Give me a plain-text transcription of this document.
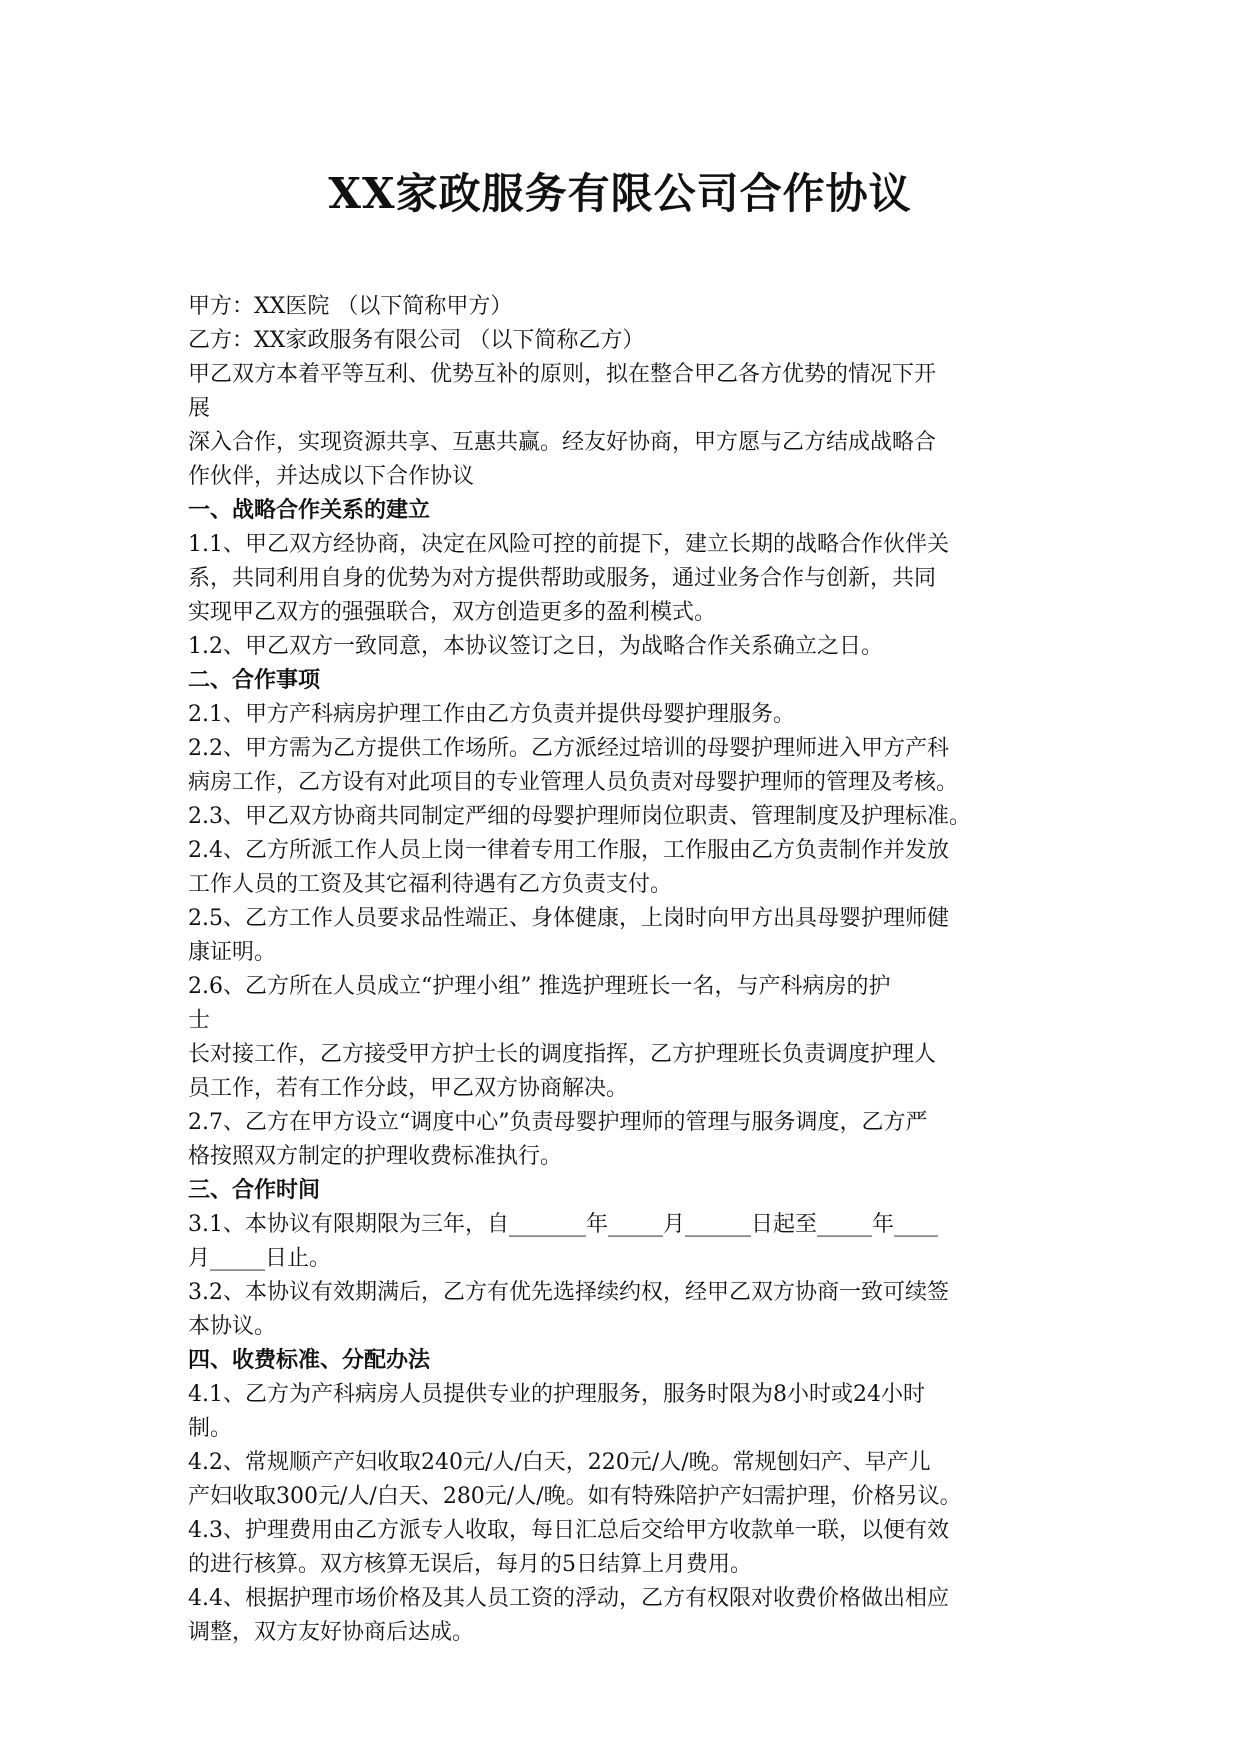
XX家政服务有限公司合作协议
甲方：XX医院 （以下简称甲方）
乙方：XX家政服务有限公司 （以下简称乙方）
甲乙双方本着平等互利、优势互补的原则，拟在整合甲乙各方优势的情况下开
展
深入合作，实现资源共享、互惠共赢。经友好协商，甲方愿与乙方结成战略合
作伙伴，并达成以下合作协议
一、战略合作关系的建立
1.1、甲乙双方经协商，决定在风险可控的前提下，建立长期的战略合作伙伴关
系，共同利用自身的优势为对方提供帮助或服务，通过业务合作与创新，共同
实现甲乙双方的强强联合，双方创造更多的盈利模式。
1.2、甲乙双方一致同意，本协议签订之日，为战略合作关系确立之日。
二、合作事项
2.1、甲方产科病房护理工作由乙方负责并提供母婴护理服务。
2.2、甲方需为乙方提供工作场所。乙方派经过培训的母婴护理师进入甲方产科
病房工作，乙方设有对此项目的专业管理人员负责对母婴护理师的管理及考核。
2.3、甲乙双方协商共同制定严细的母婴护理师岗位职责、管理制度及护理标准。
2.4、乙方所派工作人员上岗一律着专用工作服，工作服由乙方负责制作并发放
工作人员的工资及其它福利待遇有乙方负责支付。
2.5、乙方工作人员要求品性端正、身体健康，上岗时向甲方出具母婴护理师健
康证明。
2.6、乙方所在人员成立“护理小组” 推选护理班长一名，与产科病房的护
士
长对接工作，乙方接受甲方护士长的调度指挥，乙方护理班长负责调度护理人
员工作，若有工作分歧，甲乙双方协商解决。
2.7、乙方在甲方设立“调度中心”负责母婴护理师的管理与服务调度，乙方严
格按照双方制定的护理收费标准执行。
三、合作时间
3.1、本协议有限期限为三年，自_______年_____月______日起至_____年____
月_____日止。
3.2、本协议有效期满后，乙方有优先选择续约权，经甲乙双方协商一致可续签
本协议。
四、收费标准、分配办法
4.1、乙方为产科病房人员提供专业的护理服务，服务时限为8小时或24小时
制。
4.2、常规顺产产妇收取240元/人/白天，220元/人/晚。常规刨妇产、早产儿
产妇收取300元/人/白天、280元/人/晚。如有特殊陪护产妇需护理，价格另议。
4.3、护理费用由乙方派专人收取，每日汇总后交给甲方收款单一联，以便有效
的进行核算。双方核算无误后，每月的5日结算上月费用。
4.4、根据护理市场价格及其人员工资的浮动，乙方有权限对收费价格做出相应
调整，双方友好协商后达成。
